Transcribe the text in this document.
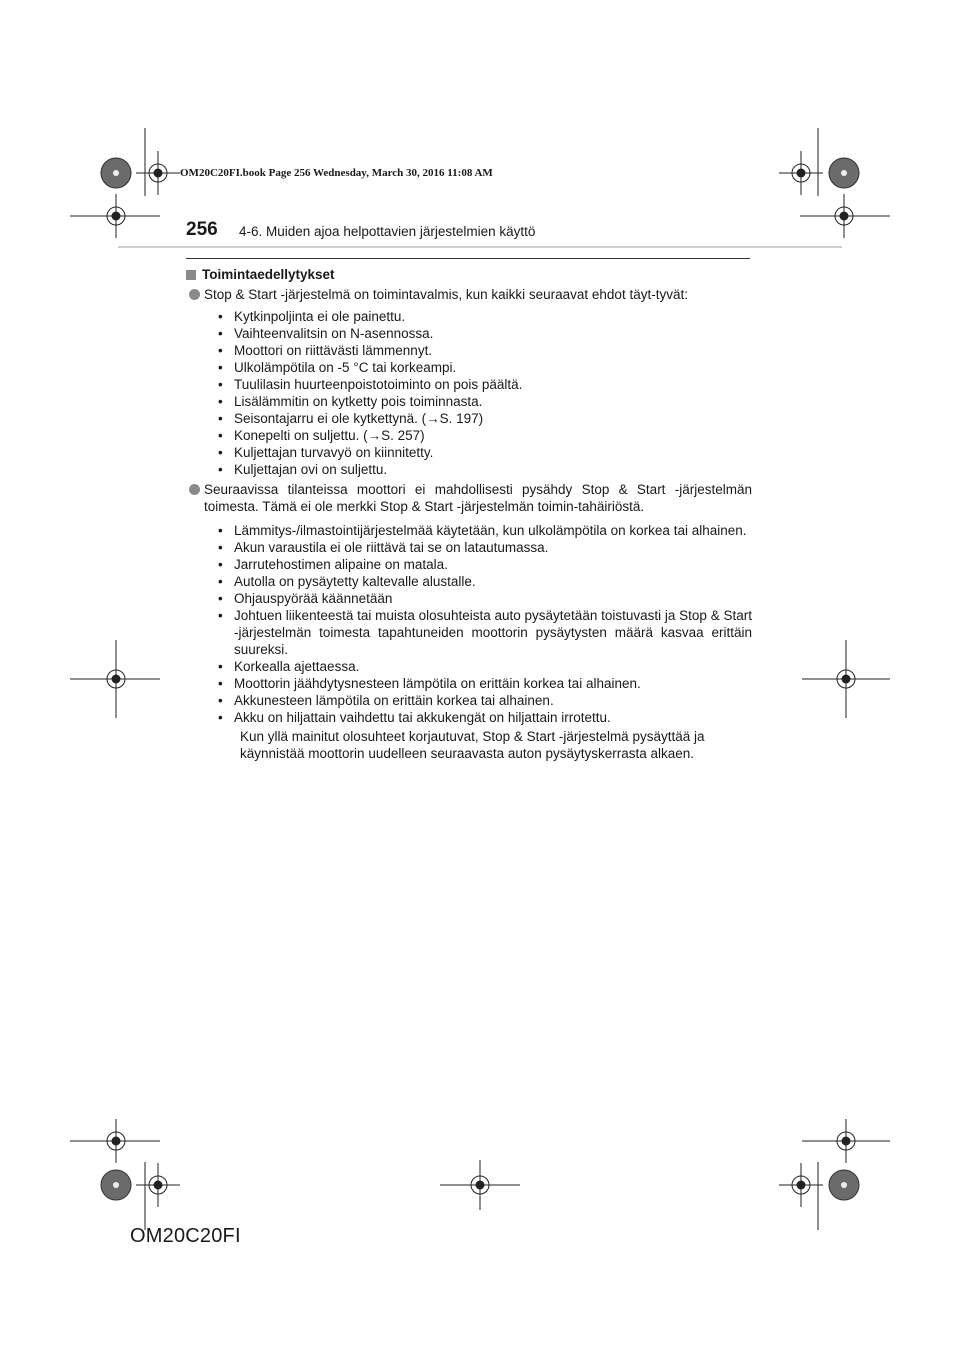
OM20C20FI.book Page 256 Wednesday, March 30, 2016 11:08 AM
256 4-6. Muiden ajoa helpottavien järjestelmien käyttö
Toimintaedellytykset
Stop & Start -järjestelmä on toimintavalmis, kun kaikki seuraavat ehdot täyt-tyvät:
• Kytkinpoljinta ei ole painettu.
• Vaihteenvalitsin on N-asennossa.
• Moottori on riittävästi lämmennyt.
• Ulkolämpötila on -5 °C tai korkeampi.
• Tuulilasin huurteenpoistotoiminto on pois päältä.
• Lisälämmitin on kytketty pois toiminnasta.
• Seisontajarru ei ole kytkettynä. (→S. 197)
• Konepelti on suljettu. (→S. 257)
• Kuljettajan turvavyö on kiinnitetty.
• Kuljettajan ovi on suljettu.
Seuraavissa tilanteissa moottori ei mahdollisesti pysähdy Stop & Start -järjestelmän toimesta. Tämä ei ole merkki Stop & Start -järjestelmän toimin-tahäiriöstä.
• Lämmitys-/ilmastointijärjestelmää käytetään, kun ulkolämpötila on korkea tai alhainen.
• Akun varaustila ei ole riittävä tai se on latautumassa.
• Jarrutehostimen alipaine on matala.
• Autolla on pysäytetty kaltevalle alustalle.
• Ohjauspyörää käännetään
• Johtuen liikenteestä tai muista olosuhteista auto pysäytetään toistuvasti ja Stop & Start -järjestelmän toimesta tapahtuneiden moottorin pysäytysten määrä kasvaa erittäin suureksi.
• Korkealla ajettaessa.
• Moottorin jäähdytysnesteen lämpötila on erittäin korkea tai alhainen.
• Akkunesteen lämpötila on erittäin korkea tai alhainen.
• Akku on hiljattain vaihdettu tai akkukengät on hiljattain irrotettu.
Kun yllä mainitut olosuhteet korjautuvat, Stop & Start -järjestelmä pysäyttää ja
käynnistää moottorin uudelleen seuraavasta auton pysäytyskerrasta alkaen.
OM20C20FI
